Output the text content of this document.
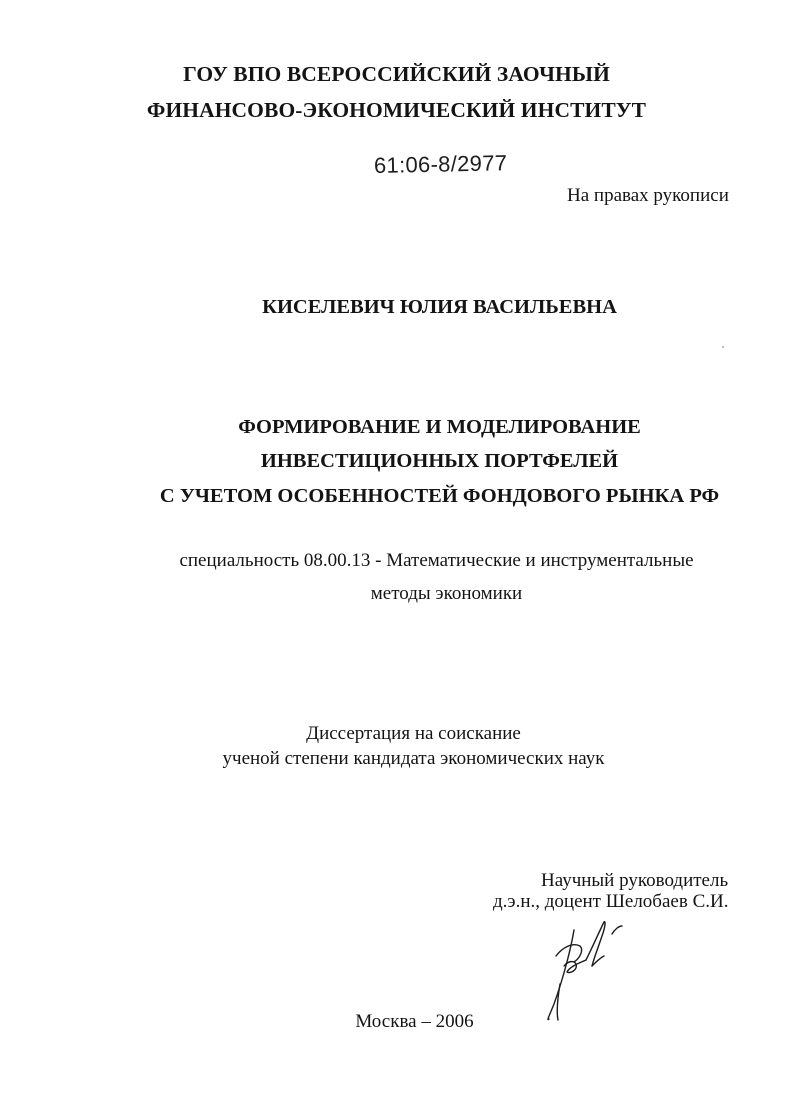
ГОУ ВПО ВСЕРОССИЙСКИЙ ЗАОЧНЫЙ
ФИНАНСОВО-ЭКОНОМИЧЕСКИЙ ИНСТИТУТ
61:06-8/2977
На правах рукописи
КИСЕЛЕВИЧ ЮЛИЯ ВАСИЛЬЕВНА
ФОРМИРОВАНИЕ И МОДЕЛИРОВАНИЕ
ИНВЕСТИЦИОННЫХ ПОРТФЕЛЕЙ
С УЧЕТОМ ОСОБЕННОСТЕЙ ФОНДОВОГО РЫНКА РФ
специальность 08.00.13 - Математические и инструментальные
методы экономики
Диссертация на соискание
ученой степени кандидата экономических наук
Научный руководитель
д.э.н., доцент Шелобаев С.И.
Москва – 2006
